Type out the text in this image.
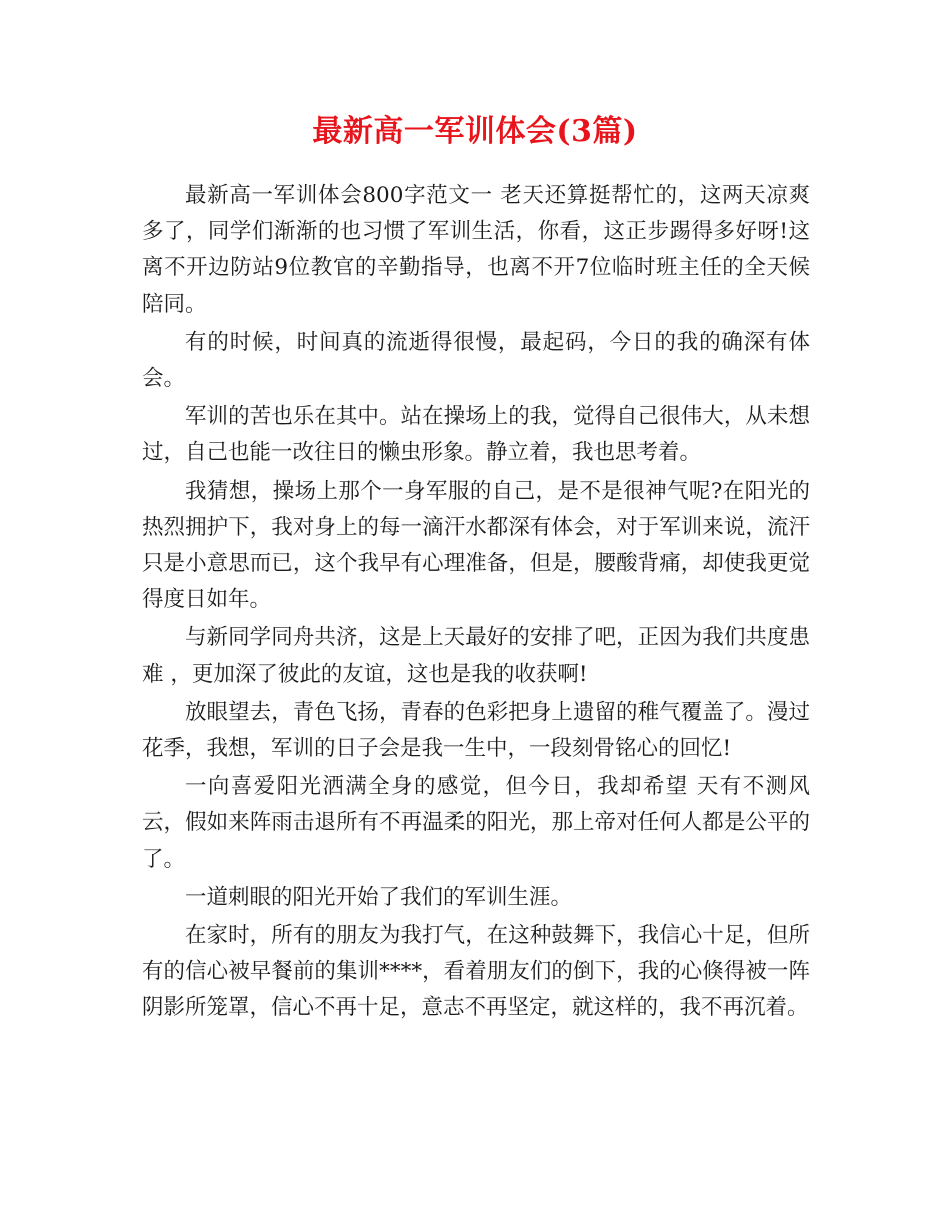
最新高一军训体会(3篇)

最新高一军训体会800字范文一 老天还算挺帮忙的，这两天凉爽多了，同学们渐渐的也习惯了军训生活，你看，这正步踢得多好呀!这离不开边防站9位教官的辛勤指导，也离不开7位临时班主任的全天候陪同。

有的时候，时间真的流逝得很慢，最起码，今日的我的确深有体会。

军训的苦也乐在其中。站在操场上的我，觉得自己很伟大，从未想过，自己也能一改往日的懒虫形象。静立着，我也思考着。

我猜想，操场上那个一身军服的自己，是不是很神气呢?在阳光的热烈拥护下，我对身上的每一滴汗水都深有体会，对于军训来说，流汗只是小意思而已，这个我早有心理准备，但是，腰酸背痛，却使我更觉得度日如年。

与新同学同舟共济，这是上天最好的安排了吧，正因为我们共度患难 ，更加深了彼此的友谊，这也是我的收获啊!

放眼望去，青色飞扬，青春的色彩把身上遗留的稚气覆盖了。漫过花季，我想，军训的日子会是我一生中，一段刻骨铭心的回忆!

一向喜爱阳光洒满全身的感觉，但今日，我却希望 天有不测风云，假如来阵雨击退所有不再温柔的阳光，那上帝对任何人都是公平的了。

一道刺眼的阳光开始了我们的军训生涯。

在家时，所有的朋友为我打气，在这种鼓舞下，我信心十足，但所有的信心被早餐前的集训****，看着朋友们的倒下，我的心倏得被一阵阴影所笼罩，信心不再十足，意志不再坚定，就这样的，我不再沉着。
